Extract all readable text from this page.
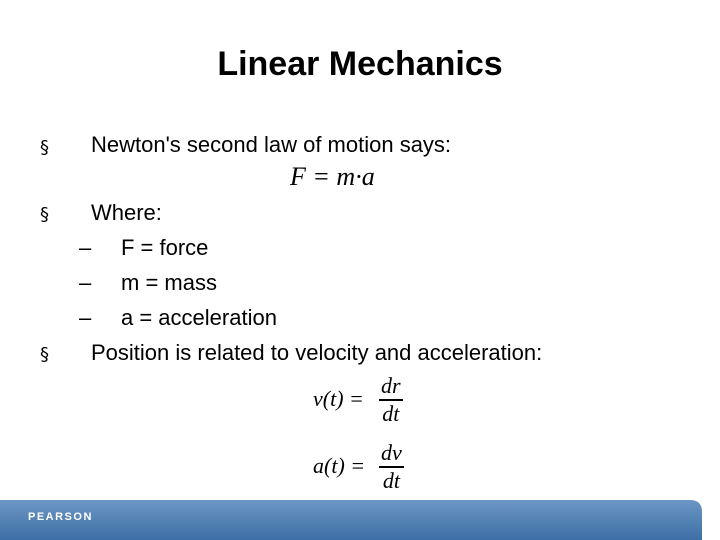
Linear Mechanics
§ Newton's second law of motion says:
F = m·a
§ Where:
– F = force
– m = mass
– a = acceleration
§ Position is related to velocity and acceleration:
v(t) =
dr
dt
a(t) =
dv
dt
PEARSON
